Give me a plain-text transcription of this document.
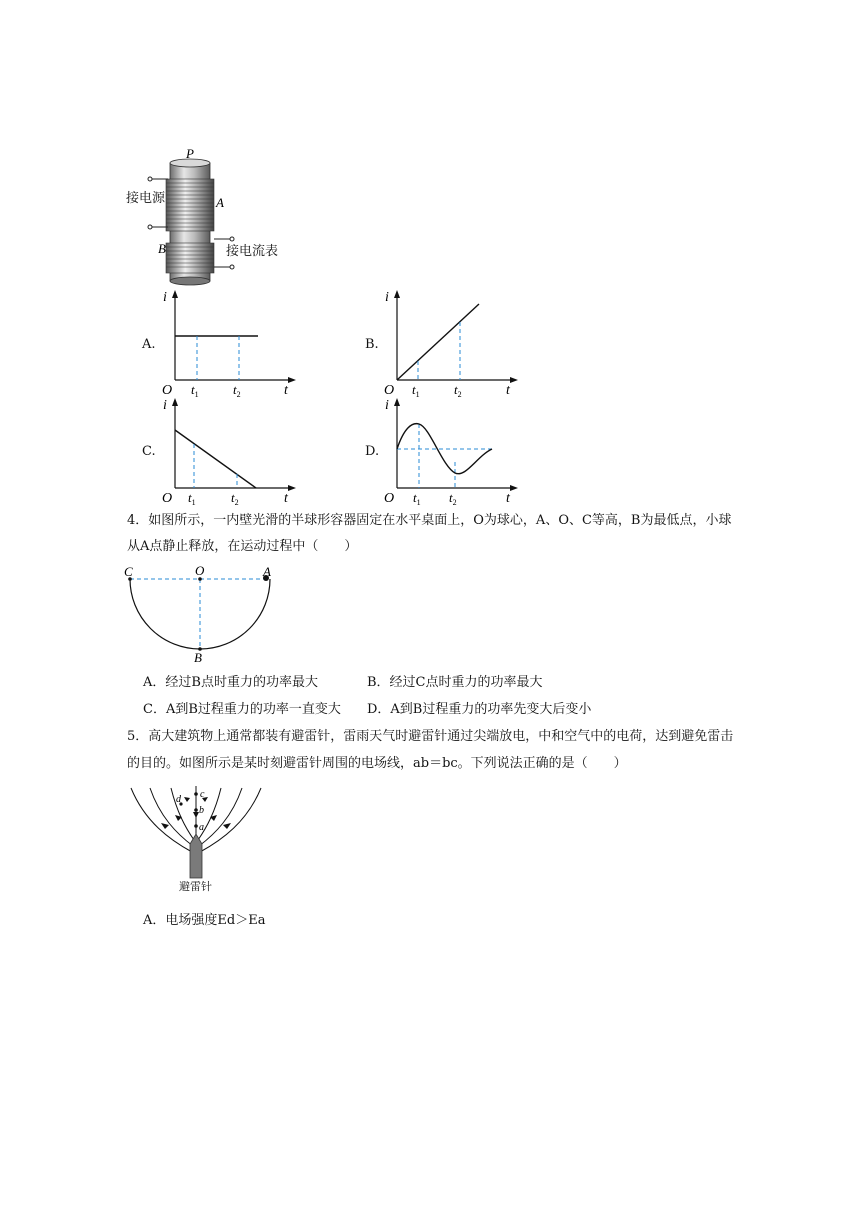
P
A
B
接电源
接电流表
A.
i
O	t
$t_1$	$t_2$
B.
i
O	t
$t_1$	$t_2$
C.
i
O	t
$t_1$	$t_2$
D.
i
O	t
$t_1$ $t_2$
4．如图所示，一内壁光滑的半球形容器固定在水平桌面上，O为球心，A、O、C等高，B为最低点，小球
从A点静止释放，在运动过程中（　　）
C	O	A
B
A．经过B点时重力的功率最大	B．经过C点时重力的功率最大
C．A到B过程重力的功率一直变大 D．A到B过程重力的功率先变大后变小
5．高大建筑物上通常都装有避雷针，雷雨天气时避雷针通过尖端放电，中和空气中的电荷，达到避免雷击
的目的。如图所示是某时刻避雷针周围的电场线，ab＝bc。下列说法正确的是（　　）
c
d
b
a
避雷针
A．电场强度Ed＞Ea
